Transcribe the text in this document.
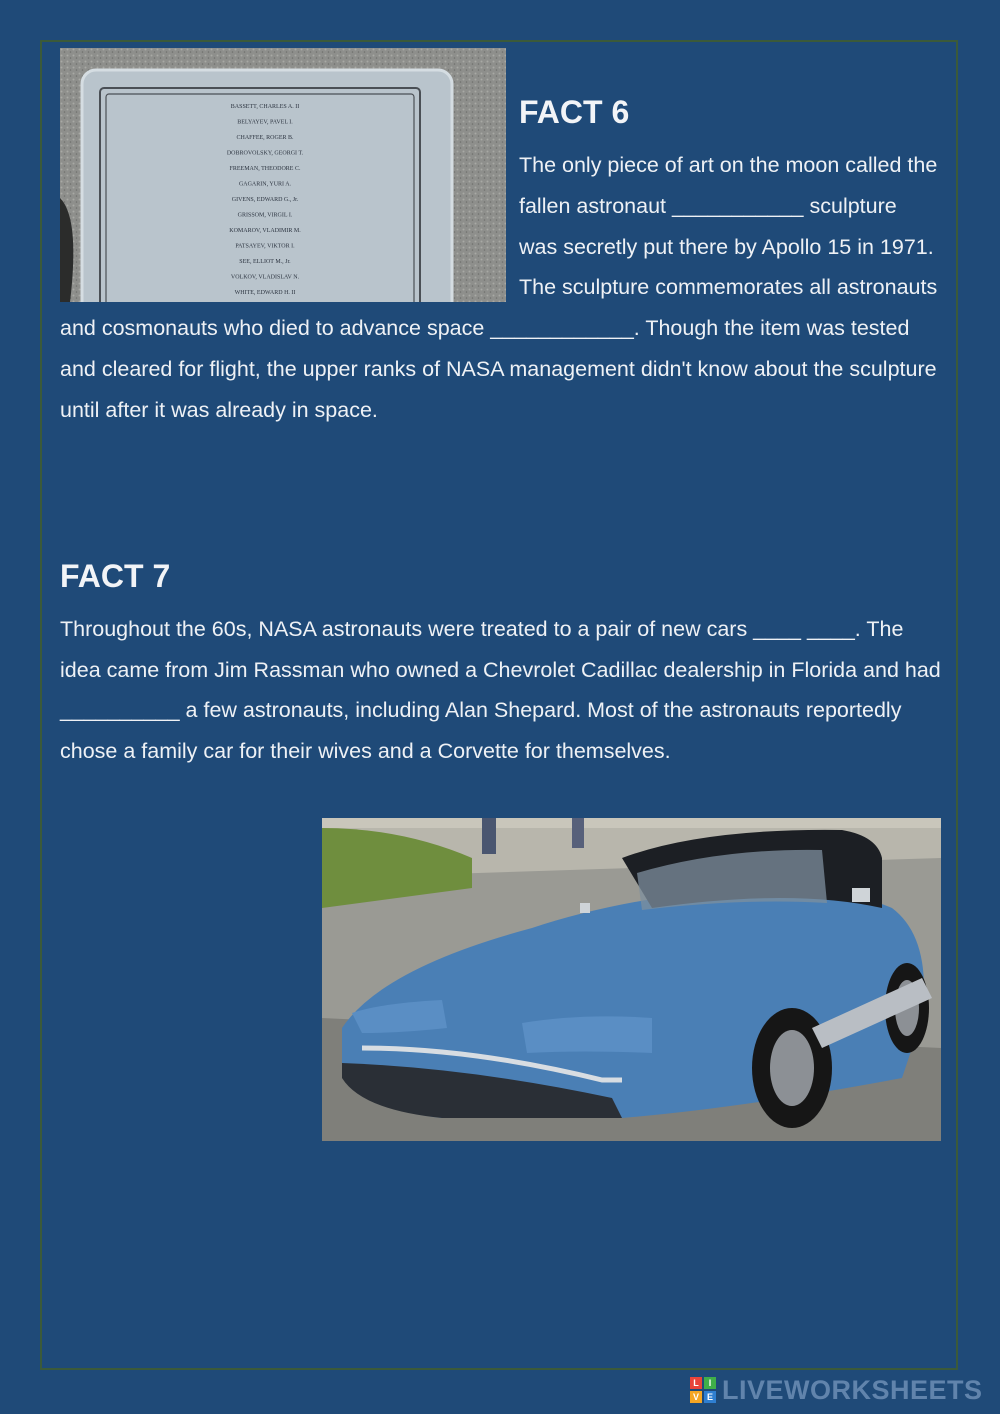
BASSETT, CHARLES A. II
BELYAYEV, PAVEL I.
CHAFFEE, ROGER B.
DOBROVOLSKY, GEORGI T.
FREEMAN, THEODORE C.
GAGARIN, YURI A.
GIVENS, EDWARD G., Jr.
GRISSOM, VIRGIL I.
KOMAROV, VLADIMIR M.
PATSAYEV, VIKTOR I.
SEE, ELLIOT M., Jr.
VOLKOV, VLADISLAV N.
WHITE, EDWARD H. II
FACT 6

The only piece of art on the moon called the fallen astronaut ___________ sculpture was secretly put there by Apollo 15 in 1971. The sculpture commemorates all astronauts and cosmonauts who died to advance space ____________. Though the item was tested and cleared for flight, the upper ranks of NASA management didn't know about the sculpture until after it was already in space.

FACT 7

Throughout the 60s, NASA astronauts were treated to a pair of new cars ____ ____. The idea came from Jim Rassman who owned a Chevrolet Cadillac dealership in Florida and had __________ a few astronauts, including Alan Shepard. Most of the astronauts reportedly chose a family car for their wives and a Corvette for themselves.

L	I
V E LIVEWORKSHEETS
